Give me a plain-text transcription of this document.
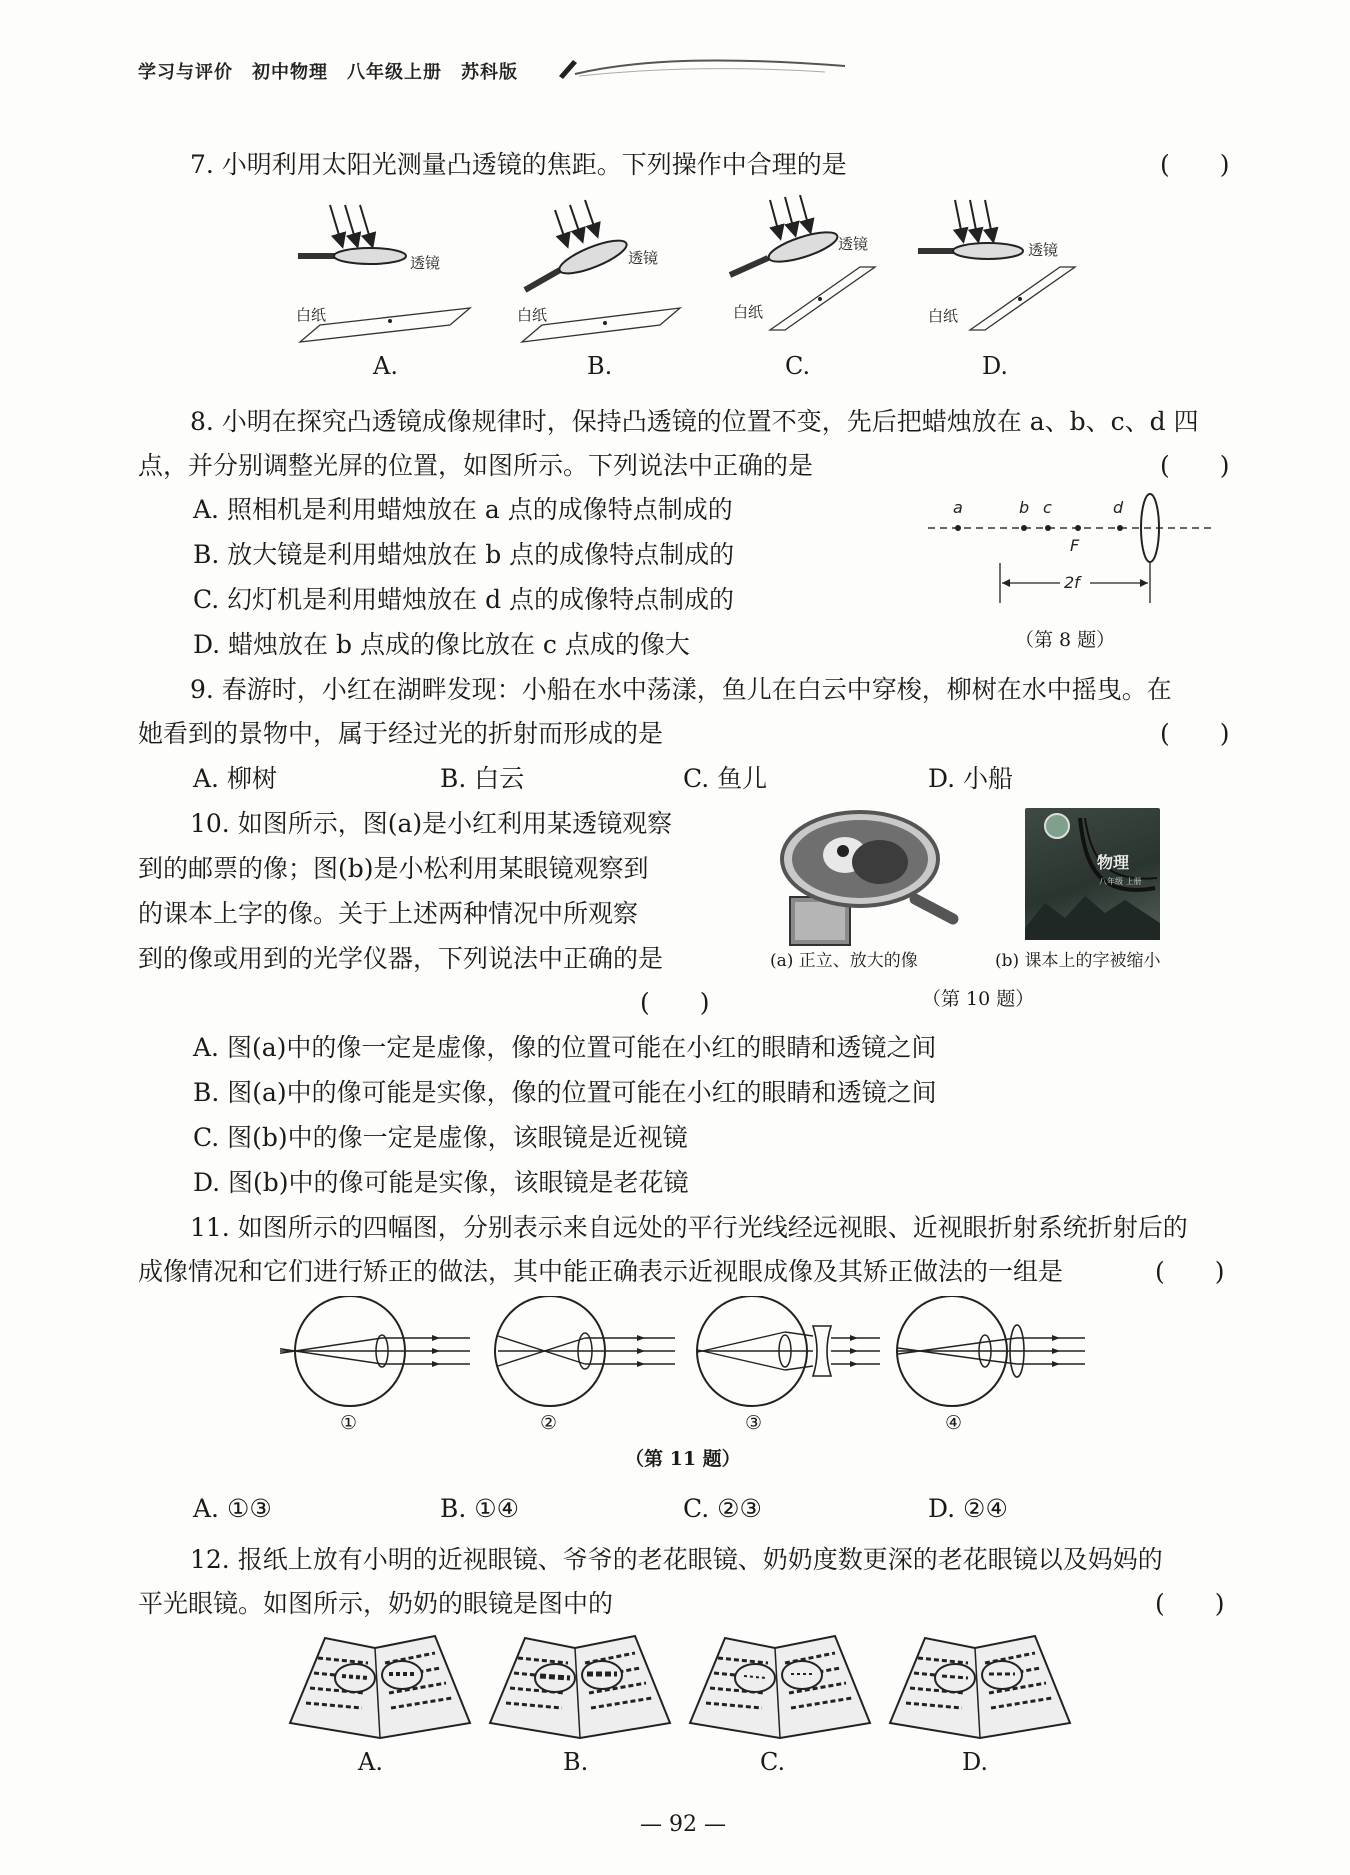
学习与评价　初中物理　八年级上册　苏科版
7. 小明利用太阳光测量凸透镜的焦距。下列操作中合理的是	(　　)
透镜
白纸
透镜
白纸
透镜
白纸
透镜
白纸
A.	B.	C.	D.
8. 小明在探究凸透镜成像规律时，保持凸透镜的位置不变，先后把蜡烛放在 a、b、c、d 四
点，并分别调整光屏的位置，如图所示。下列说法中正确的是	(　　)
A. 照相机是利用蜡烛放在 a 点的成像特点制成的
B. 放大镜是利用蜡烛放在 b 点的成像特点制成的
C. 幻灯机是利用蜡烛放在 d 点的成像特点制成的
D. 蜡烛放在 b 点成的像比放在 c 点成的像大
a	b c	d
F
2f
（第 8 题）
9. 春游时，小红在湖畔发现：小船在水中荡漾，鱼儿在白云中穿梭，柳树在水中摇曳。在
她看到的景物中，属于经过光的折射而形成的是	(　　)
A. 柳树	B. 白云	C. 鱼儿	D. 小船
10. 如图所示，图(a)是小红利用某透镜观察
到的邮票的像；图(b)是小松利用某眼镜观察到
的课本上字的像。关于上述两种情况中所观察
到的像或用到的光学仪器，下列说法中正确的是
(　　)
物理
八年级 上册
(a) 正立、放大的像	(b) 课本上的字被缩小
（第 10 题）
A. 图(a)中的像一定是虚像，像的位置可能在小红的眼睛和透镜之间
B. 图(a)中的像可能是实像，像的位置可能在小红的眼睛和透镜之间
C. 图(b)中的像一定是虚像，该眼镜是近视镜
D. 图(b)中的像可能是实像，该眼镜是老花镜
11. 如图所示的四幅图，分别表示来自远处的平行光线经远视眼、近视眼折射系统折射后的
成像情况和它们进行矫正的做法，其中能正确表示近视眼成像及其矫正做法的一组是	(　　)
①	②	③	④
（第 11 题）
A. ①③	B. ①④	C. ②③	D. ②④
12. 报纸上放有小明的近视眼镜、爷爷的老花眼镜、奶奶度数更深的老花眼镜以及妈妈的
平光眼镜。如图所示，奶奶的眼镜是图中的	(　　)
A.	B.	C.	D.
— 92 —
